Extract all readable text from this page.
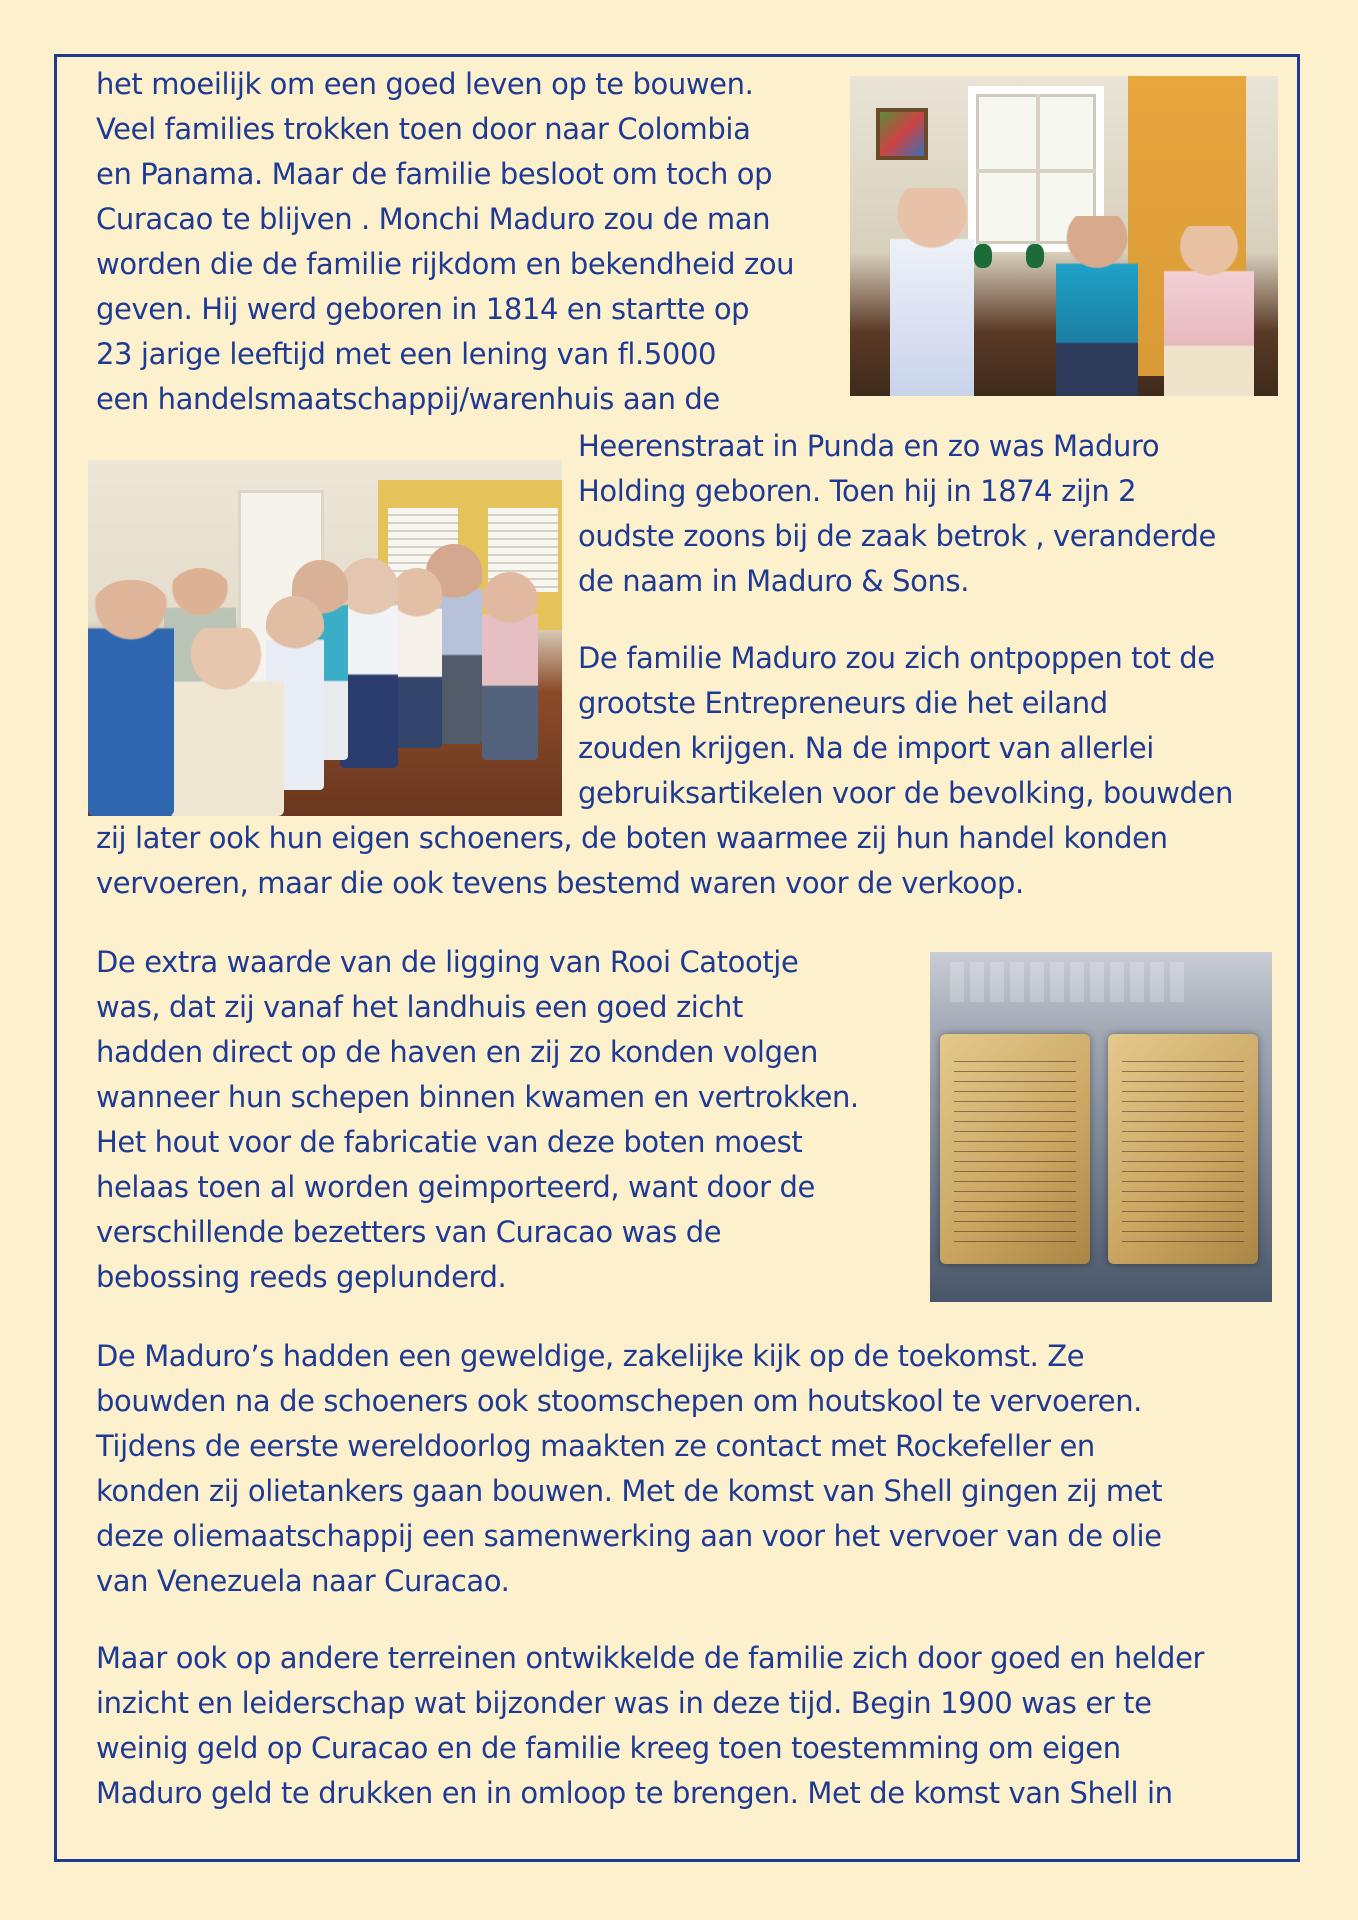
het moeilijk om een goed leven op te bouwen.
Veel families trokken toen door naar Colombia
en Panama. Maar de familie besloot om toch op
Curacao te blijven . Monchi Maduro zou de man
worden die de familie rijkdom en bekendheid zou
geven. Hij werd geboren in 1814 en startte op
23 jarige leeftijd met een lening van fl.5000
een handelsmaatschappij/warenhuis aan de

Heerenstraat in Punda en zo was Maduro
Holding geboren. Toen hij in 1874 zijn 2
oudste zoons bij de zaak betrok , veranderde
de naam in Maduro & Sons.

De familie Maduro zou zich ontpoppen tot de
grootste Entrepreneurs die het eiland
zouden krijgen. Na de import van allerlei
gebruiksartikelen voor de bevolking, bouwden

zij later ook hun eigen schoeners, de boten waarmee zij hun handel konden
vervoeren, maar die ook tevens bestemd waren voor de verkoop.

De extra waarde van de ligging van Rooi Catootje
was, dat zij vanaf het landhuis een goed zicht
hadden direct op de haven en zij zo konden volgen
wanneer hun schepen binnen kwamen en vertrokken.
Het hout voor de fabricatie van deze boten moest
helaas toen al worden geimporteerd, want door de
verschillende bezetters van Curacao was de
bebossing reeds geplunderd.

De Maduro’s hadden een geweldige, zakelijke kijk op de toekomst. Ze
bouwden na de schoeners ook stoomschepen om houtskool te vervoeren.
Tijdens de eerste wereldoorlog maakten ze contact met Rockefeller en
konden zij olietankers gaan bouwen. Met de komst van Shell gingen zij met
deze oliemaatschappij een samenwerking aan voor het vervoer van de olie
van Venezuela naar Curacao.

Maar ook op andere terreinen ontwikkelde de familie zich door goed en helder
inzicht en leiderschap wat bijzonder was in deze tijd. Begin 1900 was er te
weinig geld op Curacao en de familie kreeg toen toestemming om eigen
Maduro geld te drukken en in omloop te brengen. Met de komst van Shell in
